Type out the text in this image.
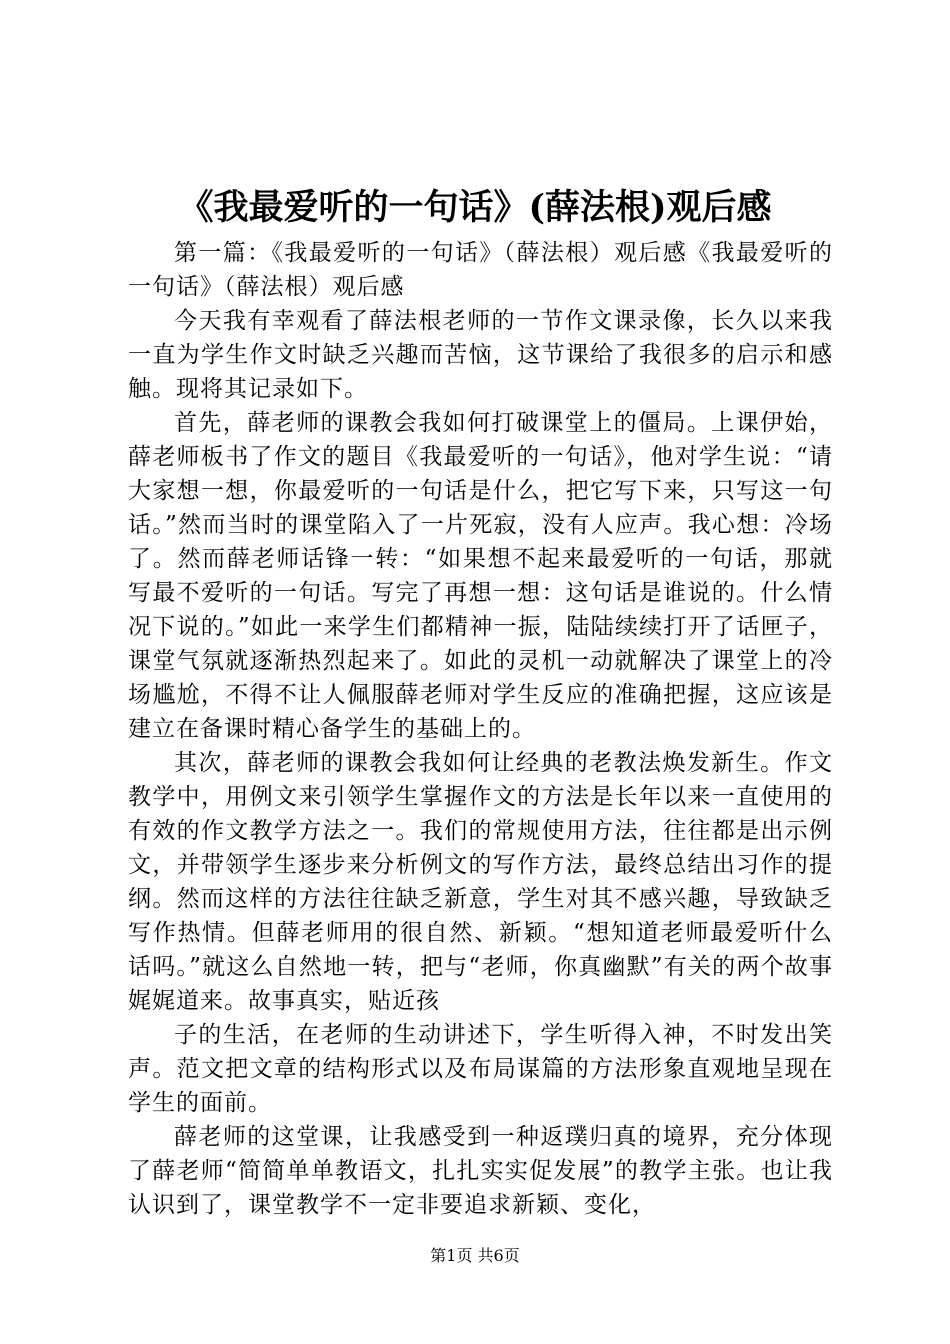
《我最爱听的一句话》(薛法根)观后感

第一篇：《我最爱听的一句话》（薛法根）观后感《我最爱听的一句话》（薛法根）观后感

今天我有幸观看了薛法根老师的一节作文课录像，长久以来我一直为学生作文时缺乏兴趣而苦恼，这节课给了我很多的启示和感触。现将其记录如下。

首先，薛老师的课教会我如何打破课堂上的僵局。上课伊始，薛老师板书了作文的题目《我最爱听的一句话》，他对学生说：“请大家想一想，你最爱听的一句话是什么，把它写下来，只写这一句话。”然而当时的课堂陷入了一片死寂，没有人应声。我心想：冷场了。然而薛老师话锋一转：“如果想不起来最爱听的一句话，那就写最不爱听的一句话。写完了再想一想：这句话是谁说的。什么情况下说的。”如此一来学生们都精神一振，陆陆续续打开了话匣子，课堂气氛就逐渐热烈起来了。如此的灵机一动就解决了课堂上的冷场尴尬，不得不让人佩服薛老师对学生反应的准确把握，这应该是建立在备课时精心备学生的基础上的。

其次，薛老师的课教会我如何让经典的老教法焕发新生。作文教学中，用例文来引领学生掌握作文的方法是长年以来一直使用的有效的作文教学方法之一。我们的常规使用方法，往往都是出示例文，并带领学生逐步来分析例文的写作方法，最终总结出习作的提纲。然而这样的方法往往缺乏新意，学生对其不感兴趣，导致缺乏写作热情。但薛老师用的很自然、新颖。“想知道老师最爱听什么话吗。”就这么自然地一转，把与“老师，你真幽默”有关的两个故事娓娓道来。故事真实，贴近孩

子的生活，在老师的生动讲述下，学生听得入神，不时发出笑声。范文把文章的结构形式以及布局谋篇的方法形象直观地呈现在学生的面前。

薛老师的这堂课，让我感受到一种返璞归真的境界，充分体现了薛老师“简简单单教语文，扎扎实实促发展”的教学主张。也让我认识到了，课堂教学不一定非要追求新颖、变化，

第1页 共6页
